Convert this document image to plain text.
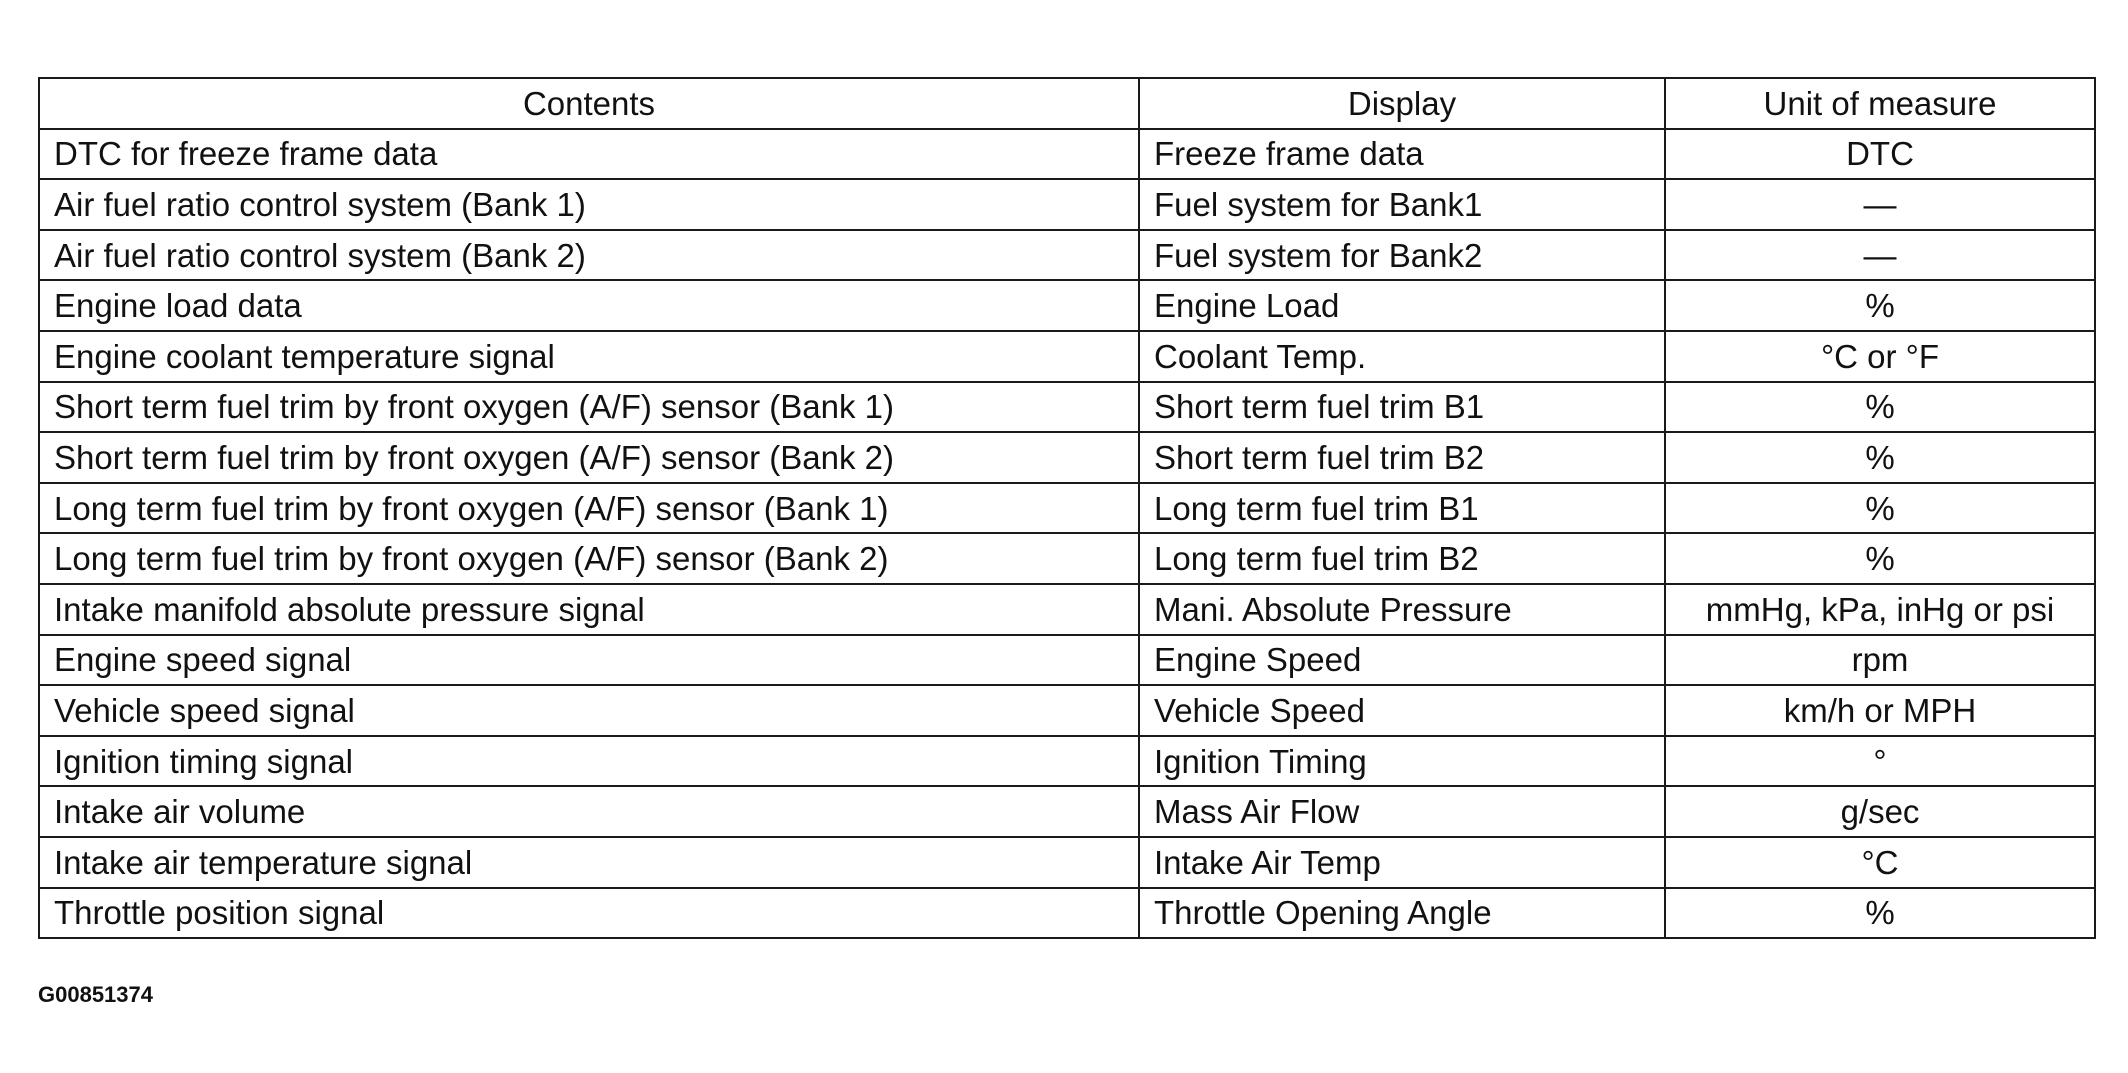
Contents	Display	Unit of measure
DTC for freeze frame data	Freeze frame data	DTC
Air fuel ratio control system (Bank 1)	Fuel system for Bank1	—
Air fuel ratio control system (Bank 2)	Fuel system for Bank2	—
Engine load data	Engine Load	%
Engine coolant temperature signal	Coolant Temp.	°C or °F
Short term fuel trim by front oxygen (A/F) sensor (Bank 1)	Short term fuel trim B1	%
Short term fuel trim by front oxygen (A/F) sensor (Bank 2)	Short term fuel trim B2	%
Long term fuel trim by front oxygen (A/F) sensor (Bank 1)	Long term fuel trim B1	%
Long term fuel trim by front oxygen (A/F) sensor (Bank 2)	Long term fuel trim B2	%
Intake manifold absolute pressure signal	Mani. Absolute Pressure	mmHg, kPa, inHg or psi
Engine speed signal	Engine Speed	rpm
Vehicle speed signal	Vehicle Speed	km/h or MPH
Ignition timing signal	Ignition Timing	°
Intake air volume	Mass Air Flow	g/sec
Intake air temperature signal	Intake Air Temp	°C
Throttle position signal	Throttle Opening Angle	%
G00851374
